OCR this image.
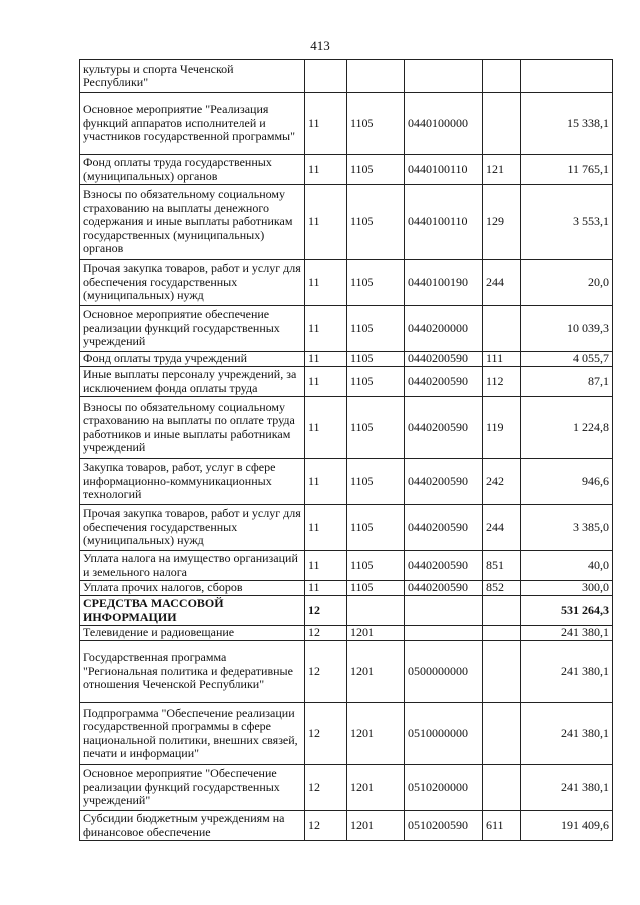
413
культуры и спорта Чеченской Республики"					
Основное мероприятие "Реализация функций аппаратов исполнителей и участников государственной программы"	11	1105	0440100000		15 338,1
Фонд оплаты труда государственных (муниципальных) органов	11	1105	0440100110	121	11 765,1
Взносы по обязательному социальному страхованию на выплаты денежного содержания и иные выплаты работникам государственных (муниципальных) органов	11	1105	0440100110	129	3 553,1
Прочая закупка товаров, работ и услуг для обеспечения государственных (муниципальных) нужд	11	1105	0440100190	244	20,0
Основное мероприятие обеспечение реализации функций государственных учреждений	11	1105	0440200000		10 039,3
Фонд оплаты труда учреждений	11	1105	0440200590	111	4 055,7
Иные выплаты персоналу учреждений, за исключением фонда оплаты труда	11	1105	0440200590	112	87,1
Взносы по обязательному социальному страхованию на выплаты по оплате труда работников и иные выплаты работникам учреждений	11	1105	0440200590	119	1 224,8
Закупка товаров, работ, услуг в сфере информационно-коммуникационных технологий	11	1105	0440200590	242	946,6
Прочая закупка товаров, работ и услуг для обеспечения государственных (муниципальных) нужд	11	1105	0440200590	244	3 385,0
Уплата налога на имущество организаций и земельного налога	11	1105	0440200590	851	40,0
Уплата прочих налогов, сборов	11	1105	0440200590	852	300,0
СРЕДСТВА МАССОВОЙ ИНФОРМАЦИИ	12				531 264,3
Телевидение и радиовещание	12	1201			241 380,1
Государственная программа "Региональная политика и федеративные отношения Чеченской Республики"	12	1201	0500000000		241 380,1
Подпрограмма "Обеспечение реализации государственной программы в сфере национальной политики, внешних связей, печати и информации"	12	1201	0510000000		241 380,1
Основное мероприятие "Обеспечение реализации функций государственных учреждений"	12	1201	0510200000		241 380,1
Субсидии бюджетным учреждениям на финансовое обеспечение	12	1201	0510200590	611	191 409,6
